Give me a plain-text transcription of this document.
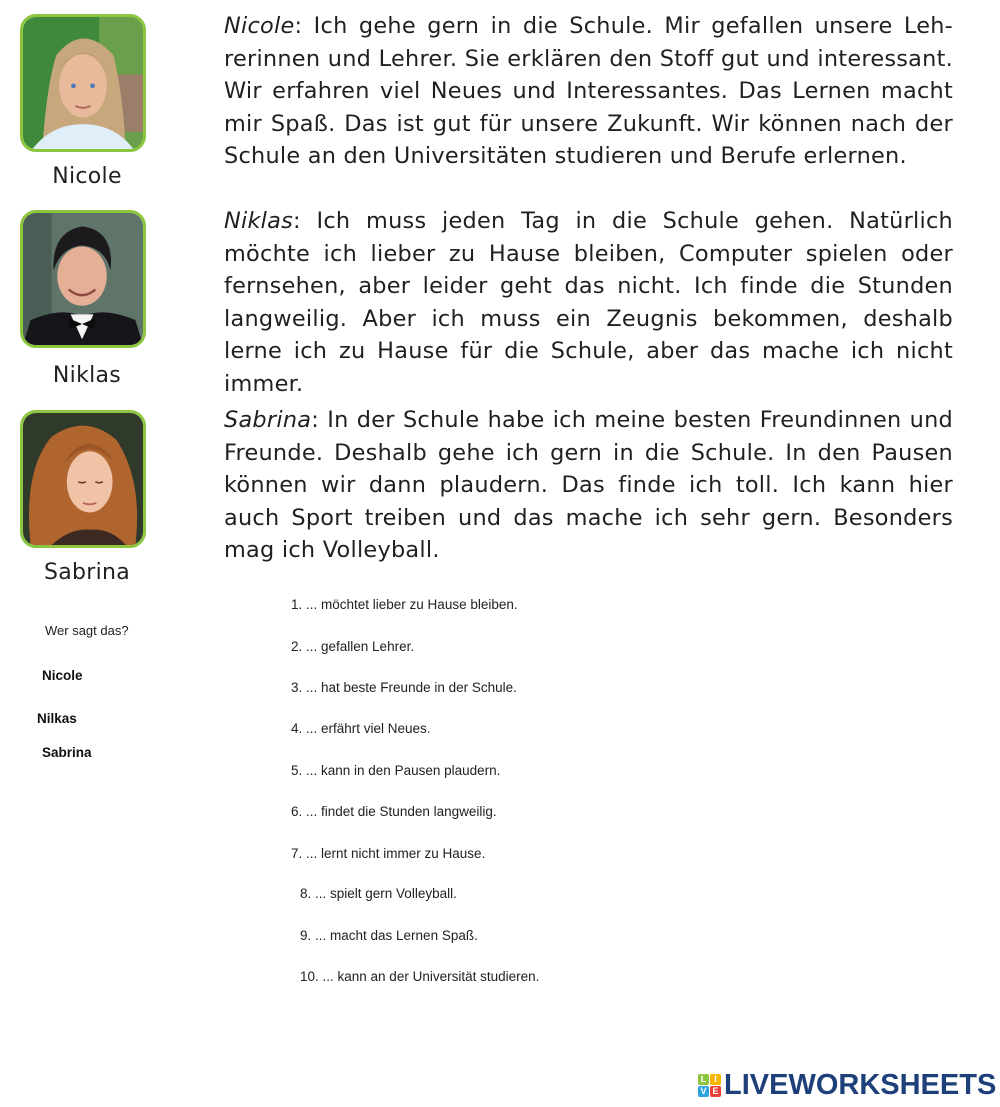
Nicole
Niklas
Sabrina
Nicole: Ich gehe gern in die Schule. Mir gefallen unsere Leh-rerinnen und Lehrer. Sie erklären den Stoff gut und interessant. Wir erfahren viel Neues und Interessantes. Das Lernen macht mir Spaß. Das ist gut für unsere Zukunft. Wir können nach der Schule an den Universitäten studieren und Berufe erlernen.
Niklas: Ich muss jeden Tag in die Schule gehen. Natürlich möchte ich lieber zu Hause bleiben, Computer spielen oder fernsehen, aber leider geht das nicht. Ich finde die Stunden langweilig. Aber ich muss ein Zeugnis bekommen, deshalb lerne ich zu Hause für die Schule, aber das mache ich nicht immer.
Sabrina: In der Schule habe ich meine besten Freundinnen und Freunde. Deshalb gehe ich gern in die Schule. In den Pausen können wir dann plaudern. Das finde ich toll. Ich kann hier auch Sport treiben und das mache ich sehr gern. Besonders mag ich Volleyball.
Wer sagt das?
Nicole
Nilkas
Sabrina
1. ... möchtet lieber zu Hause bleiben.
2. ... gefallen Lehrer.
3. ... hat beste Freunde in der Schule.
4. ... erfährt viel Neues.
5. ... kann in den Pausen plaudern.
6. ... findet die Stunden langweilig.
7. ... lernt nicht immer zu Hause.
8. ... spielt gern Volleyball.
9. ... macht das Lernen Spaß.
10. ... kann an der Universität studieren.
L I
V E LIVEWORKSHEETS
